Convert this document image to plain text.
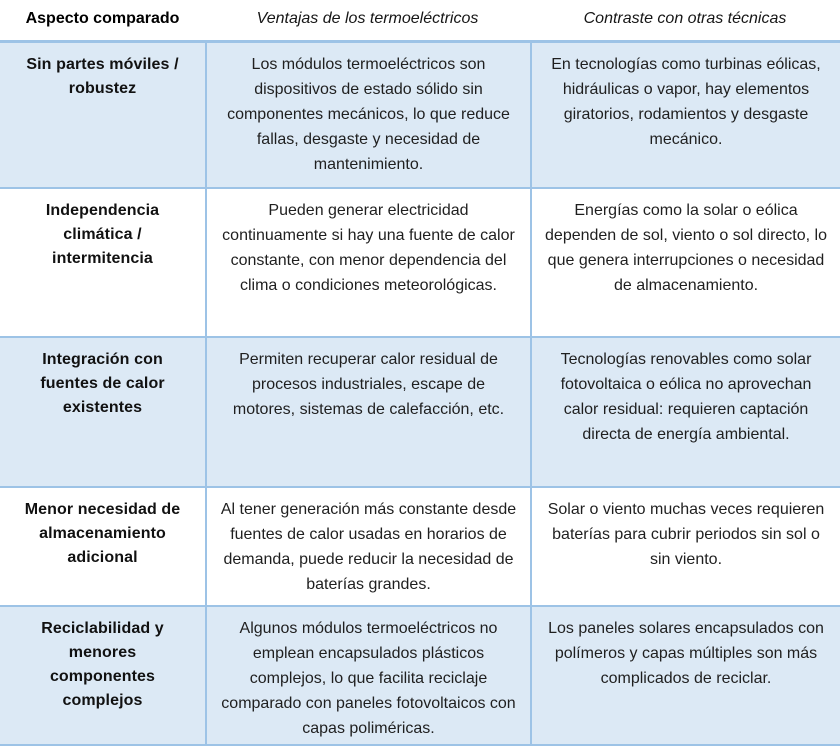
Aspecto comparado	Ventajas de los termoeléctricos	Contraste con otras técnicas
Sin partes móviles / robustez
Los módulos termoeléctricos son dispositivos de estado sólido sin componentes mecánicos, lo que reduce fallas, desgaste y necesidad de mantenimiento.
En tecnologías como turbinas eólicas, hidráulicas o vapor, hay elementos giratorios, rodamientos y desgaste mecánico.
Independencia climática / intermitencia
Pueden generar electricidad continuamente si hay una fuente de calor constante, con menor dependencia del clima o condiciones meteorológicas.
Energías como la solar o eólica dependen de sol, viento o sol directo, lo que genera interrupciones o necesidad de almacenamiento.
Integración con fuentes de calor existentes
Permiten recuperar calor residual de procesos industriales, escape de motores, sistemas de calefacción, etc.
Tecnologías renovables como solar fotovoltaica o eólica no aprovechan calor residual: requieren captación directa de energía ambiental.
Menor necesidad de almacenamiento adicional
Al tener generación más constante desde fuentes de calor usadas en horarios de demanda, puede reducir la necesidad de baterías grandes.
Solar o viento muchas veces requieren baterías para cubrir periodos sin sol o sin viento.
Reciclabilidad y menores componentes complejos
Algunos módulos termoeléctricos no emplean encapsulados plásticos complejos, lo que facilita reciclaje comparado con paneles fotovoltaicos con capas poliméricas.
Los paneles solares encapsulados con polímeros y capas múltiples son más complicados de reciclar.
